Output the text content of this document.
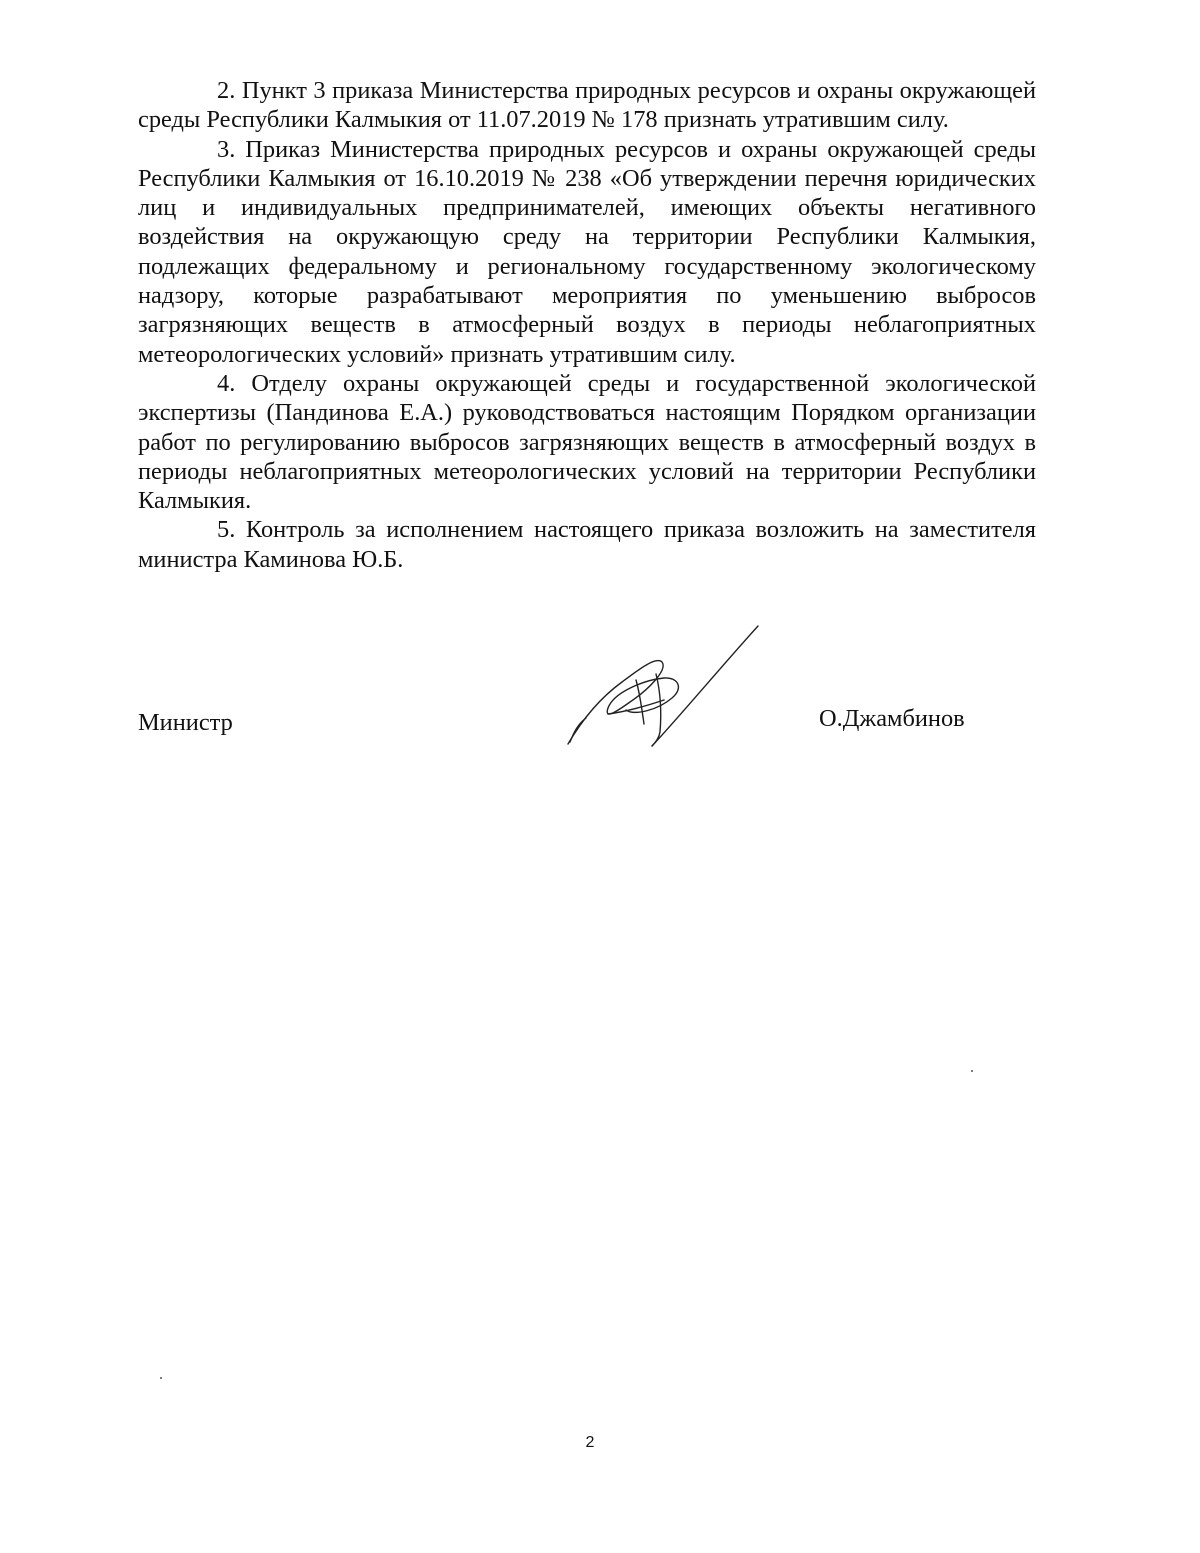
2. Пункт 3 приказа Министерства природных ресурсов и охраны окружающей среды Республики Калмыкия от 11.07.2019 № 178 признать утратившим силу.

3. Приказ Министерства природных ресурсов и охраны окружающей среды Республики Калмыкия от 16.10.2019 № 238 «Об утверждении перечня юридических лиц и индивидуальных предпринимателей, имеющих объекты негативного воздействия на окружающую среду на территории Республики Калмыкия, подлежащих федеральному и региональному государственному экологическому надзору, которые разрабатывают мероприятия по уменьшению выбросов загрязняющих веществ в атмосферный воздух в периоды неблагоприятных метеорологических условий» признать утратившим силу.

4. Отделу охраны окружающей среды и государственной экологической экспертизы (Пандинова Е.А.) руководствоваться настоящим Порядком организации работ по регулированию выбросов загрязняющих веществ в атмосферный воздух в периоды неблагоприятных метеорологических условий на территории Республики Калмыкия.

5. Контроль за исполнением настоящего приказа возложить на заместителя министра Каминова Ю.Б.

Министр	О.Джамбинов
2
